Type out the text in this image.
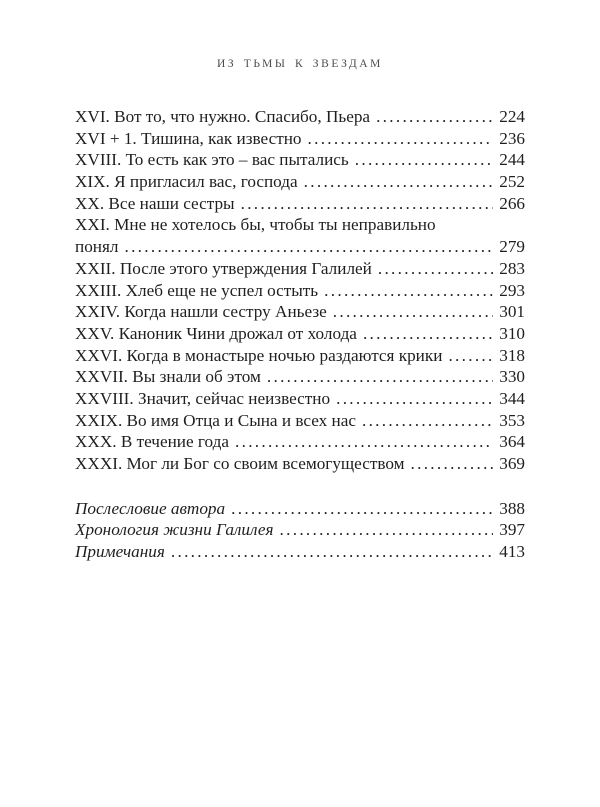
ИЗ ТЬМЫ К ЗВЕЗДАМ
XVI. Вот то, что нужно. Спасибо, Пьера .....	224
XVI + 1. Тишина, как известно .....	236
XVIII. То есть как это – вас пытались .....	244
XIX. Я пригласил вас, господа .....	252
XX. Все наши сестры .....	266
XXI. Мне не хотелось бы, чтобы ты неправильно
понял .....	279
XXII. После этого утверждения Галилей .....	283
XXIII. Хлеб еще не успел остыть .....	293
XXIV. Когда нашли сестру Аньезе .....	301
XXV. Каноник Чини дрожал от холода .....	310
XXVI. Когда в монастыре ночью раздаются крики .....	318
XXVII. Вы знали об этом .....	330
XXVIII. Значит, сейчас неизвестно .....	344
XXIX. Во имя Отца и Сына и всех нас .....	353
XXX. В течение года .....	364
XXXI. Мог ли Бог со своим всемогуществом .....	369
Послесловие автора .....	388
Хронология жизни Галилея .....	397
Примечания .....	413
